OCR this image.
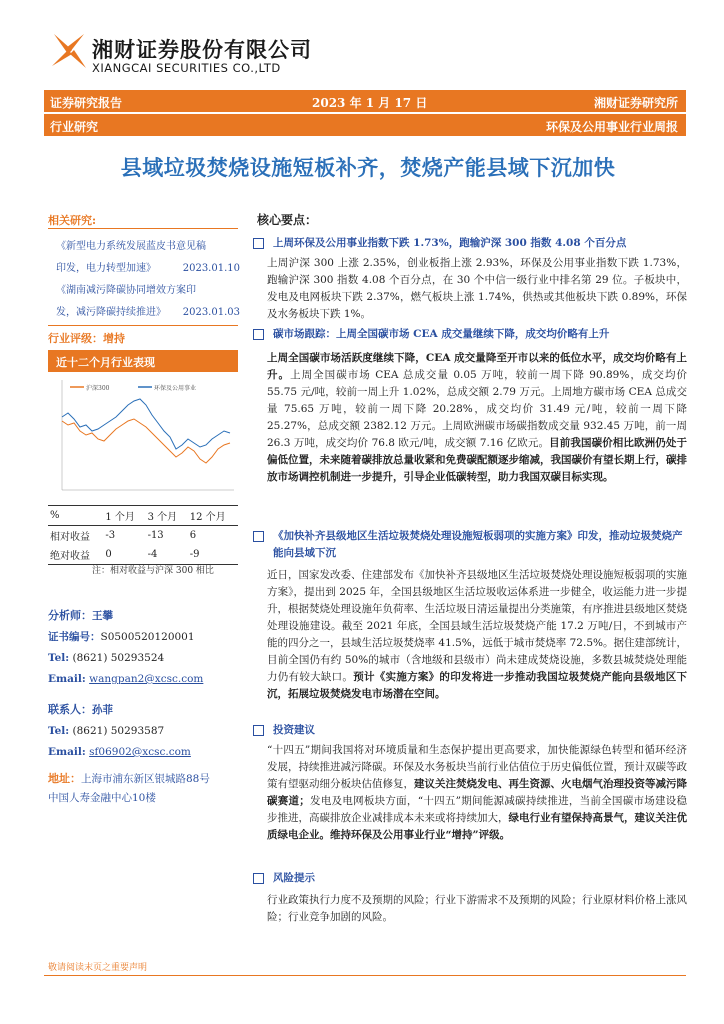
湘财证券股份有限公司
XIANGCAI SECURITIES CO.,LTD
证券研究报告	2023 年 1 月 17 日	湘财证券研究所
行业研究	环保及公用事业行业周报
县域垃圾焚烧设施短板补齐，焚烧产能县域下沉加快
相关研究:
《新型电力系统发展蓝皮书意见稿
印发，电力转型加速》	2023.01.10
《湖南减污降碳协同增效方案印
发，减污降碳持续推进》 2023.01.03
行业评级：增持
近十二个月行业表现
沪深300	环保及公用事业
%	1 个月	3 个月	12 个月
相对收益	-3	-13	6
绝对收益	0	-4	-9
注：相对收益与沪深 300 相比
分析师：王攀
证书编号：S0500520120001
Tel: (8621) 50293524
Email: wangpan2@xcsc.com
联系人：孙菲
Tel: (8621) 50293587
Email: sf06902@xcsc.com
地址：上海市浦东新区银城路88号
中国人寿金融中心10楼
核心要点：
上周环保及公用事业指数下跌 1.73%，跑输沪深 300 指数 4.08 个百分点
上周沪深 300 上涨 2.35%，创业板指上涨 2.93%，环保及公用事业指数下跌 1.73%，跑输沪深 300 指数 4.08 个百分点，在 30 个中信一级行业中排名第 29 位。子板块中，发电及电网板块下跌 2.37%，燃气板块上涨 1.74%，供热或其他板块下跌 0.89%，环保及水务板块下跌 1%。
碳市场跟踪：上周全国碳市场 CEA 成交量继续下降，成交均价略有上升
上周全国碳市场活跃度继续下降，CEA 成交量降至开市以来的低位水平，成交均价略有上升。上周全国碳市场 CEA 总成交量 0.05 万吨，较前一周下降 90.89%，成交均价 55.75 元/吨，较前一周上升 1.02%，总成交额 2.79 万元。上周地方碳市场 CEA 总成交量 75.65 万吨，较前一周下降 20.28%，成交均价 31.49 元/吨，较前一周下降 25.27%，总成交额 2382.12 万元。上周欧洲碳市场碳指数成交量 932.45 万吨，前一周 26.3 万吨，成交均价 76.8 欧元/吨，成交额 7.16 亿欧元。目前我国碳价相比欧洲仍处于偏低位置，未来随着碳排放总量收紧和免费碳配额逐步缩减，我国碳价有望长期上行，碳排放市场调控机制进一步提升，引导企业低碳转型，助力我国双碳目标实现。
《加快补齐县级地区生活垃圾焚烧处理设施短板弱项的实施方案》印发，推动垃圾焚烧产能向县域下沉
近日，国家发改委、住建部发布《加快补齐县级地区生活垃圾焚烧处理设施短板弱项的实施方案》，提出到 2025 年，全国县级地区生活垃圾收运体系进一步健全，收运能力进一步提升，根据焚烧处理设施年负荷率、生活垃圾日清运量提出分类施策，有序推进县级地区焚烧处理设施建设。截至 2021 年底，全国县域生活垃圾焚烧产能 17.2 万吨/日，不到城市产能的四分之一，县域生活垃圾焚烧率 41.5%，远低于城市焚烧率 72.5%。据住建部统计，目前全国仍有约 50%的城市（含地级和县级市）尚未建成焚烧设施，多数县城焚烧处理能力仍有较大缺口。预计《实施方案》的印发将进一步推动我国垃圾焚烧产能向县级地区下沉，拓展垃圾焚烧发电市场潜在空间。
投资建议
“十四五”期间我国将对环境质量和生态保护提出更高要求，加快能源绿色转型和循环经济发展，持续推进减污降碳。环保及水务板块当前行业估值位于历史偏低位置，预计双碳等政策有望驱动细分板块估值修复，建议关注焚烧发电、再生资源、火电烟气治理投资等减污降碳赛道；发电及电网板块方面，“十四五”期间能源减碳持续推进，当前全国碳市场建设稳步推进，高碳排放企业减排成本未来或将持续加大，绿电行业有望保持高景气，建议关注优质绿电企业。维持环保及公用事业行业“增持”评级。
风险提示
行业政策执行力度不及预期的风险；行业下游需求不及预期的风险；行业原材料价格上涨风险；行业竞争加剧的风险。
敬请阅读末页之重要声明
